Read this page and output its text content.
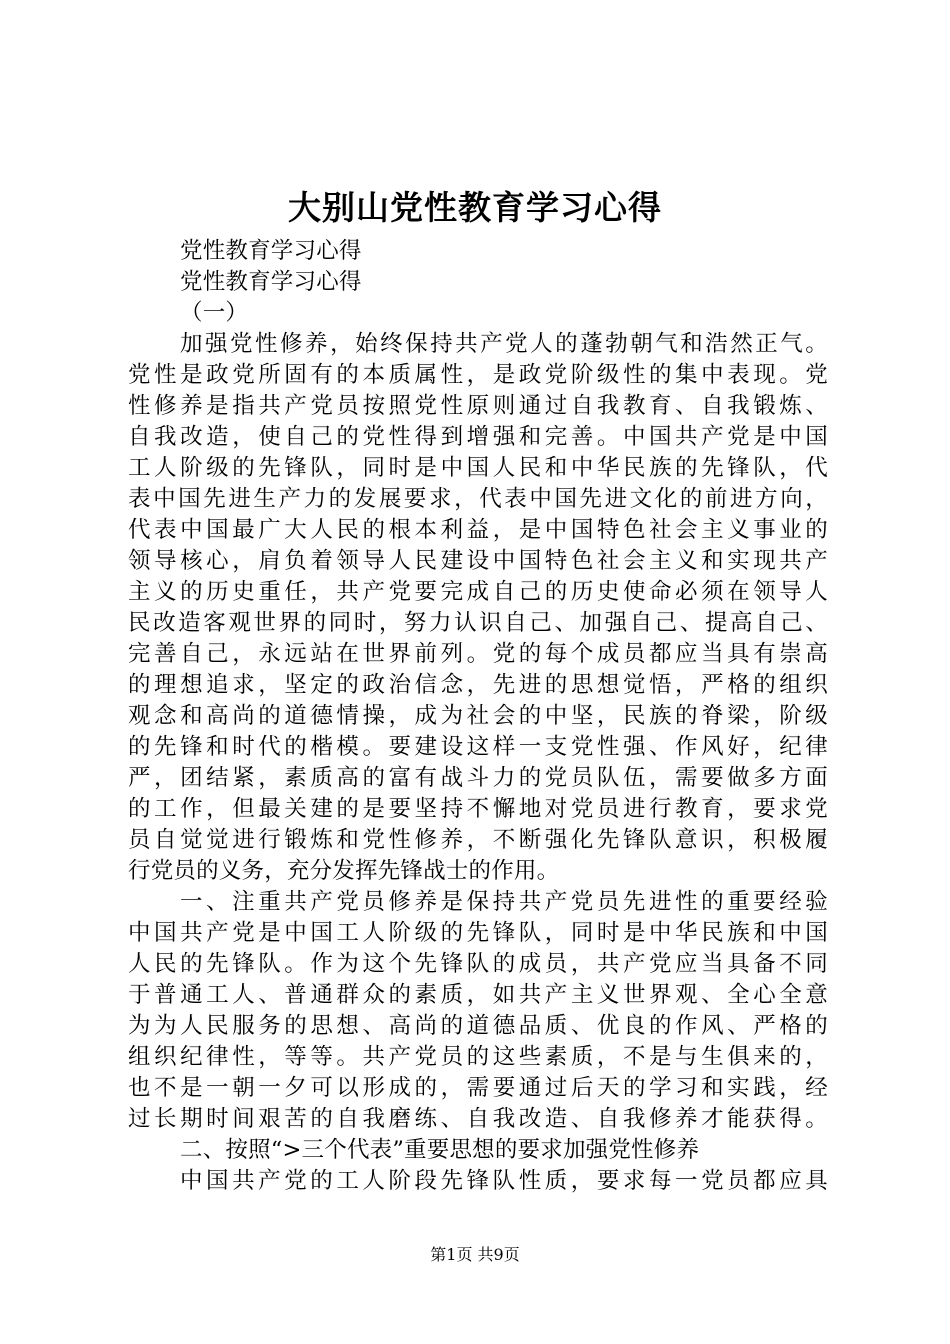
大别山党性教育学习心得
党性教育学习心得
党性教育学习心得
（一）
加强党性修养，始终保持共产党人的蓬勃朝气和浩然正气。
党性是政党所固有的本质属性，是政党阶级性的集中表现。党
性修养是指共产党员按照党性原则通过自我教育、自我锻炼、
自我改造，使自己的党性得到增强和完善。中国共产党是中国
工人阶级的先锋队，同时是中国人民和中华民族的先锋队，代
表中国先进生产力的发展要求，代表中国先进文化的前进方向，
代表中国最广大人民的根本利益，是中国特色社会主义事业的
领导核心，肩负着领导人民建设中国特色社会主义和实现共产
主义的历史重任，共产党要完成自己的历史使命必须在领导人
民改造客观世界的同时，努力认识自己、加强自己、提高自己、
完善自己，永远站在世界前列。党的每个成员都应当具有崇高
的理想追求，坚定的政治信念，先进的思想觉悟，严格的组织
观念和高尚的道德情操，成为社会的中坚，民族的脊梁，阶级
的先锋和时代的楷模。要建设这样一支党性强、作风好，纪律
严，团结紧，素质高的富有战斗力的党员队伍，需要做多方面
的工作，但最关建的是要坚持不懈地对党员进行教育，要求党
员自觉觉进行锻炼和党性修养，不断强化先锋队意识，积极履
行党员的义务，充分发挥先锋战士的作用。
一、注重共产党员修养是保持共产党员先进性的重要经验
中国共产党是中国工人阶级的先锋队，同时是中华民族和中国
人民的先锋队。作为这个先锋队的成员，共产党应当具备不同
于普通工人、普通群众的素质，如共产主义世界观、全心全意
为为人民服务的思想、高尚的道德品质、优良的作风、严格的
组织纪律性，等等。共产党员的这些素质，不是与生俱来的，
也不是一朝一夕可以形成的，需要通过后天的学习和实践，经
过长期时间艰苦的自我磨练、自我改造、自我修养才能获得。
二、按照“>三个代表”重要思想的要求加强党性修养
中国共产党的工人阶段先锋队性质，要求每一党员都应具
第1页 共9页
